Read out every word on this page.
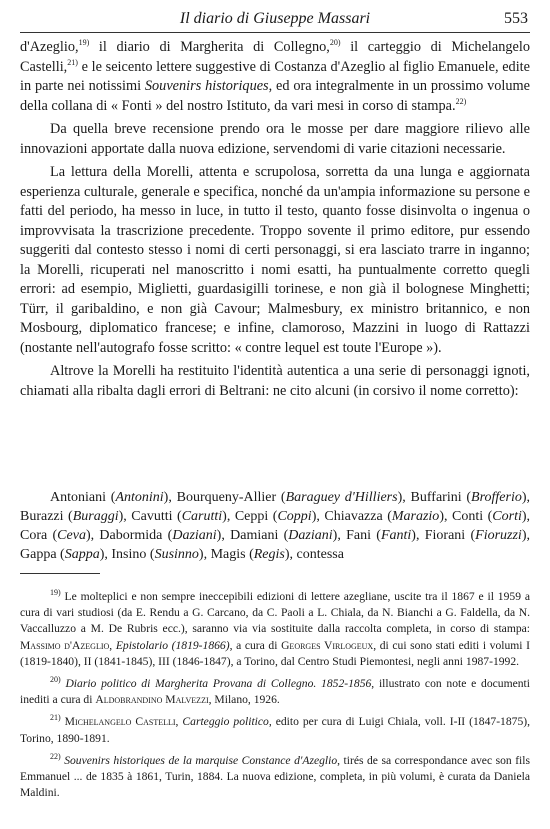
Il diario di Giuseppe Massari	553

d'Azeglio,$^{19)}$ il diario di Margherita di Collegno,$^{20)}$ il carteggio di Michelangelo Castelli,$^{21)}$ e le seicento lettere suggestive di Costanza d'Azeglio al figlio Emanuele, edite in parte nei notissimi Souvenirs historiques, ed ora integralmente in un prossimo volume della collana di « Fonti » del nostro Istituto, da vari mesi in corso di stampa.$^{22)}$

Da quella breve recensione prendo ora le mosse per dare maggiore rilievo alle innovazioni apportate dalla nuova edizione, servendomi di varie citazioni necessarie.

La lettura della Morelli, attenta e scrupolosa, sorretta da una lunga e aggiornata esperienza culturale, generale e specifica, nonché da un'ampia informazione su persone e fatti del periodo, ha messo in luce, in tutto il testo, quanto fosse disinvolta o ingenua o improvvisata la trascrizione precedente. Troppo sovente il primo editore, pur essendo suggeriti dal contesto stesso i nomi di certi personaggi, si era lasciato trarre in inganno; la Morelli, ricuperati nel manoscritto i nomi esatti, ha puntualmente corretto quegli errori: ad esempio, Miglietti, guardasigilli torinese, e non già il bolognese Minghetti; Türr, il garibaldino, e non già Cavour; Malmesbury, ex ministro britannico, e non Mosbourg, diplomatico francese; e infine, clamoroso, Mazzini in luogo di Rattazzi (nostante nell'autografo fosse scritto: « contre lequel est toute l'Europe »).

Altrove la Morelli ha restituito l'identità autentica a una serie di personaggi ignoti, chiamati alla ribalta dagli errori di Beltrani: ne cito alcuni (in corsivo il nome corretto):

Antoniani (Antonini), Bourqueny-Allier (Baraguey d'Hilliers), Buffarini (Brofferio), Burazzi (Buraggi), Cavutti (Carutti), Ceppi (Coppi), Chiavazza (Marazio), Conti (Corti), Cora (Ceva), Dabormida (Daziani), Damiani (Daziani), Fani (Fanti), Fiorani (Fioruzzi), Gappa (Sappa), Insino (Susinno), Magis (Regis), contessa

$^{19)}$ Le molteplici e non sempre ineccepibili edizioni di lettere azegliane, uscite tra il 1867 e il 1959 a cura di vari studiosi (da E. Rendu a G. Carcano, da C. Paoli a L. Chiala, da N. Bianchi a G. Faldella, da N. Vaccalluzzo a M. De Rubris ecc.), saranno via via sostituite dalla raccolta completa, in corso di stampa: Massimo d'Azeglio, Epistolario (1819-1866), a cura di Georges Virlogeux, di cui sono stati editi i volumi I (1819-1840), II (1841-1845), III (1846-1847), a Torino, dal Centro Studi Piemontesi, negli anni 1987-1992.

$^{20)}$ Diario politico di Margherita Provana di Collegno. 1852-1856, illustrato con note e documenti inediti a cura di Aldobrandino Malvezzi, Milano, 1926.

$^{21)}$ Michelangelo Castelli, Carteggio politico, edito per cura di Luigi Chiala, voll. I-II (1847-1875), Torino, 1890-1891.

$^{22)}$ Souvenirs historiques de la marquise Constance d'Azeglio, tirés de sa correspondance avec son fils Emmanuel ... de 1835 à 1861, Turin, 1884. La nuova edizione, completa, in più volumi, è curata da Daniela Maldini.
